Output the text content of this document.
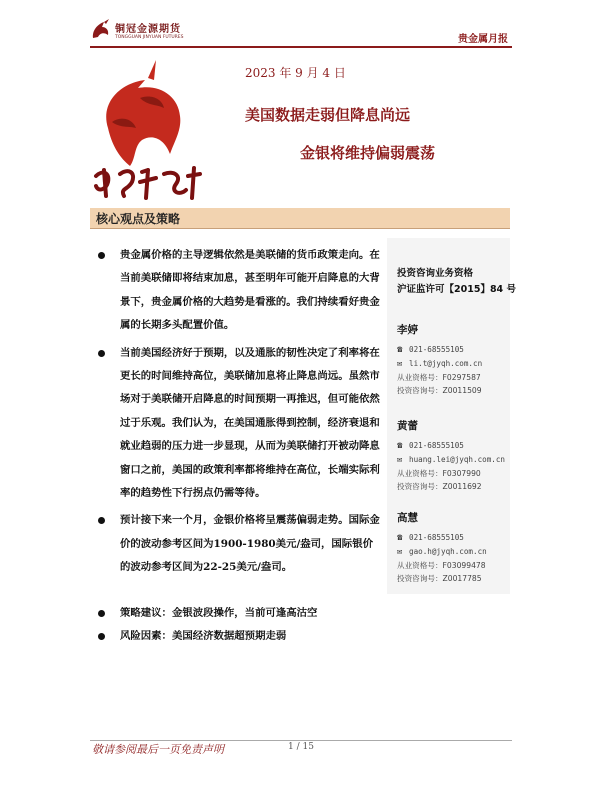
铜冠金源期货
TONGGUAN JINYUAN FUTURES	贵金属月报
2023 年 9 月 4 日
美国数据走弱但降息尚远
金银将维持偏弱震荡
核心观点及策略
投资咨询业务资格
沪证监许可【2015】84 号
李婷
☎ 021-68555105
✉ li.t@jyqh.com.cn
从业资格号：F0297587
投资咨询号：Z0011509
黄蕾
☎ 021-68555105
✉ huang.lei@jyqh.com.cn
从业资格号：F0307990
投资咨询号：Z0011692
高慧
☎ 021-68555105
✉ gao.h@jyqh.com.cn
从业资格号：F03099478
投资咨询号：Z0017785
贵金属价格的主导逻辑依然是美联储的货币政策走向。在当前美联储即将结束加息，甚至明年可能开启降息的大背景下，贵金属价格的大趋势是看涨的。我们持续看好贵金属的长期多头配置价值。
当前美国经济好于预期，以及通胀的韧性决定了利率将在更长的时间维持高位，美联储加息将止降息尚远。虽然市场对于美联储开启降息的时间预期一再推迟，但可能依然过于乐观。我们认为，在美国通胀得到控制，经济衰退和就业趋弱的压力进一步显现，从而为美联储打开被动降息窗口之前，美国的政策利率都将维持在高位，长端实际利率的趋势性下行拐点仍需等待。
预计接下来一个月，金银价格将呈震荡偏弱走势。国际金价的波动参考区间为1900-1980美元/盎司，国际银价的波动参考区间为22-25美元/盎司。
策略建议：金银波段操作，当前可逢高沽空
风险因素：美国经济数据超预期走弱
敬请参阅最后一页免责声明	1 / 15
